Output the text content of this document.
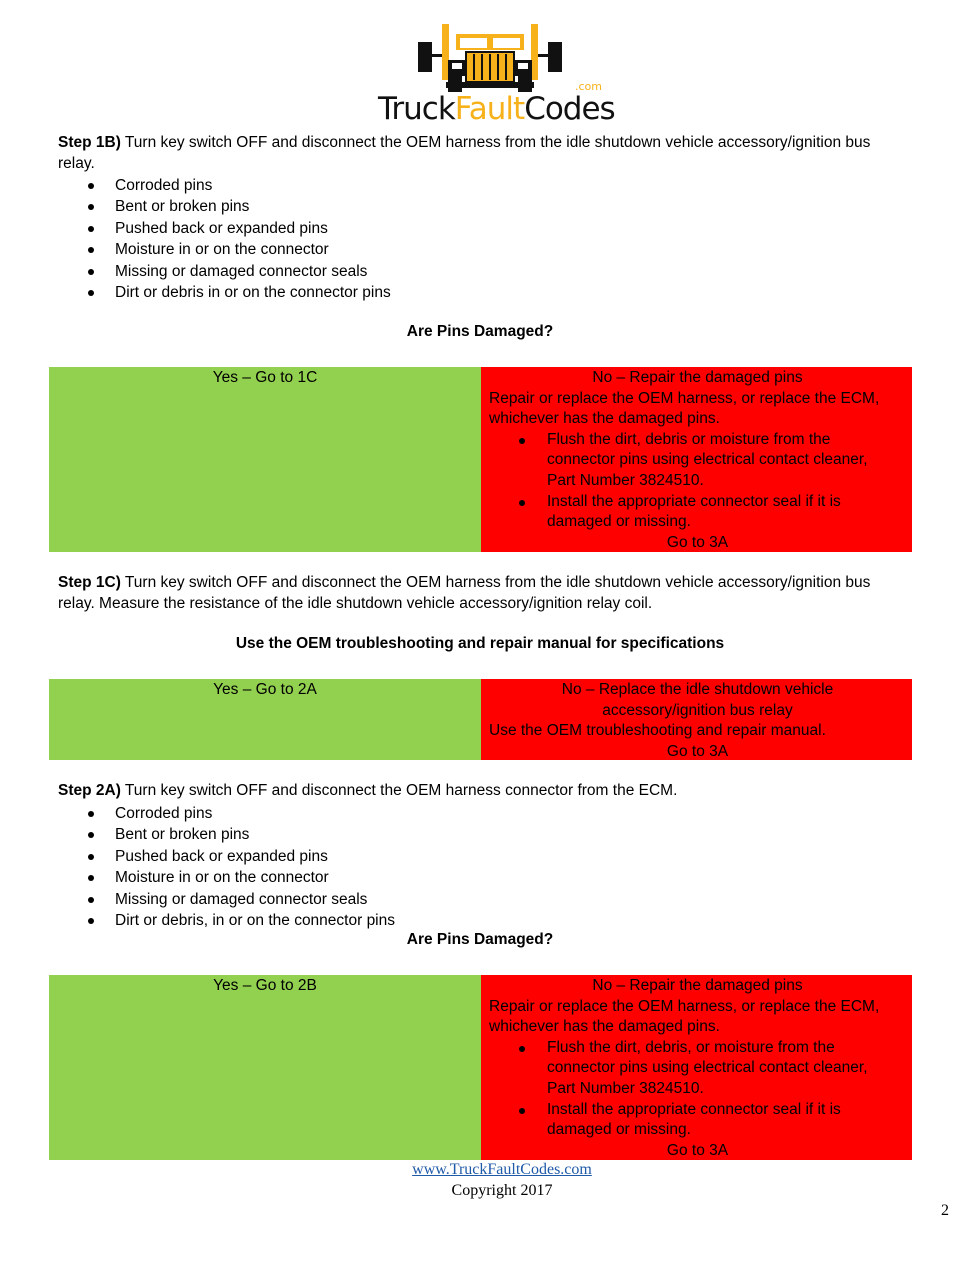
TruckFaultCodes
.com

Step 1B) Turn key switch OFF and disconnect the OEM harness from the idle shutdown vehicle accessory/ignition bus relay.

Corroded pins
Bent or broken pins
Pushed back or expanded pins
Moisture in or on the connector
Missing or damaged connector seals
Dirt or debris in or on the connector pins
Are Pins Damaged?
Yes – Go to 1C	No – Repair the damaged pins
Repair or replace the OEM harness, or replace the ECM, whichever has the damaged pins.
Flush the dirt, debris or moisture from the connector pins using electrical contact cleaner, Part Number 3824510.
Install the appropriate connector seal if it is damaged or missing.
Go to 3A

Step 1C) Turn key switch OFF and disconnect the OEM harness from the idle shutdown vehicle accessory/ignition bus relay. Measure the resistance of the idle shutdown vehicle accessory/ignition relay coil.

Use the OEM troubleshooting and repair manual for specifications
Yes – Go to 2A	No – Replace the idle shutdown vehicle accessory/ignition bus relay
Use the OEM troubleshooting and repair manual.
Go to 3A

Step 2A) Turn key switch OFF and disconnect the OEM harness connector from the ECM.

Corroded pins
Bent or broken pins
Pushed back or expanded pins
Moisture in or on the connector
Missing or damaged connector seals
Dirt or debris, in or on the connector pins
Are Pins Damaged?
Yes – Go to 2B	No – Repair the damaged pins
Repair or replace the OEM harness, or replace the ECM, whichever has the damaged pins.
Flush the dirt, debris, or moisture from the connector pins using electrical contact cleaner, Part Number 3824510.
Install the appropriate connector seal if it is damaged or missing.
Go to 3A
www.TruckFaultCodes.com
Copyright 2017
2
